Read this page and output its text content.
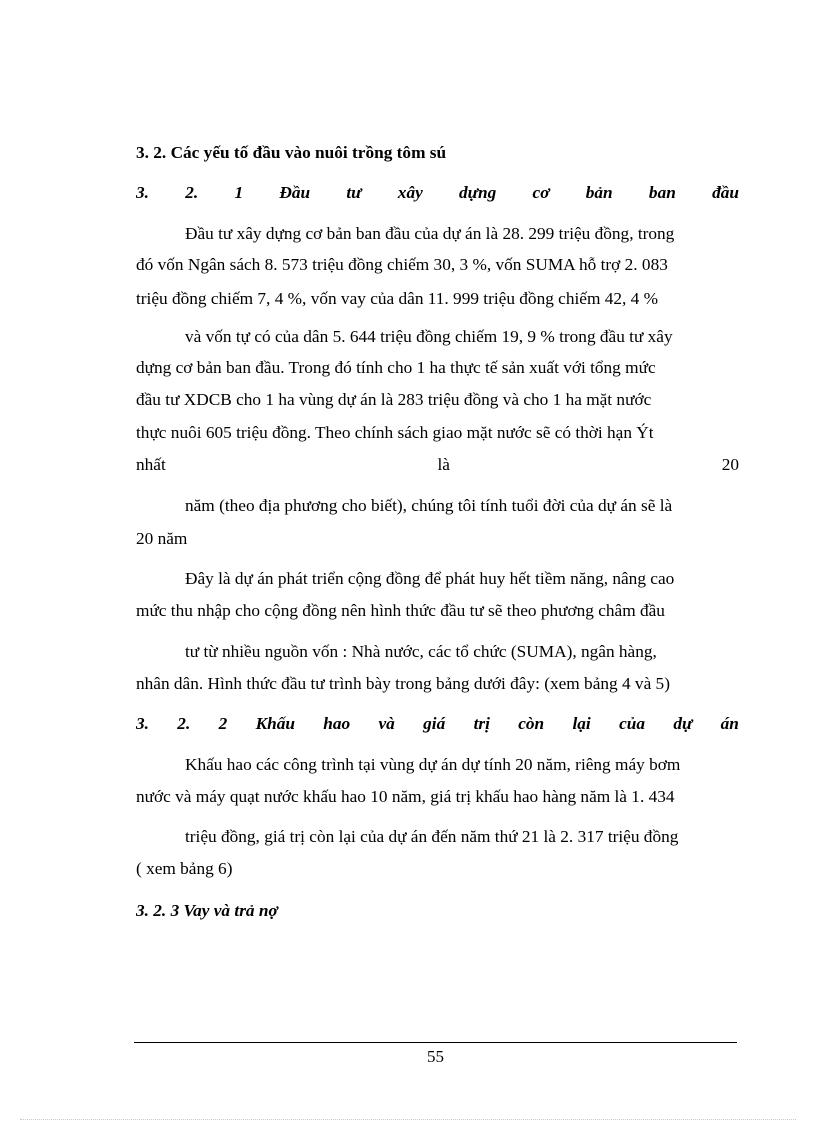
3. 2. Các yếu tố đầu vào nuôi trồng tôm sú
3. 2. 1 Đầu tư xây dựng cơ bản ban đầu
Đầu tư xây dựng cơ bản ban đầu của dự án là 28. 299 triệu đồng, trong
đó vốn Ngân sách 8. 573 triệu đồng chiếm 30, 3 %, vốn SUMA hỗ trợ 2. 083
triệu đồng chiếm 7, 4 %, vốn vay của dân 11. 999 triệu đồng chiếm 42, 4 %
và vốn tự có của dân 5. 644 triệu đồng chiếm 19, 9 % trong đầu tư xây
dựng cơ bản ban đầu. Trong đó tính cho 1 ha thực tế sản xuất với tổng mức
đầu tư XDCB cho 1 ha vùng dự án là 283 triệu đồng và cho 1 ha mặt nước
thực nuôi 605 triệu đồng. Theo chính sách giao mặt nước sẽ có thời hạn Ýt
nhất	là	20
năm (theo địa phương cho biết), chúng tôi tính tuổi đời của dự án sẽ là
20 năm
Đây là dự án phát triển cộng đồng để phát huy hết tiềm năng, nâng cao
mức thu nhập cho cộng đồng nên hình thức đầu tư sẽ theo phương châm đầu
tư từ nhiều nguồn vốn : Nhà nước, các tổ chức (SUMA), ngân hàng,
nhân dân. Hình thức đầu tư trình bày trong bảng dưới đây: (xem bảng 4 và 5)
3. 2. 2 Khấu hao và giá trị còn lại của dự án
Khấu hao các công trình tại vùng dự án dự tính 20 năm, riêng máy bơm
nước và máy quạt nước khấu hao 10 năm, giá trị khấu hao hàng năm là 1. 434
triệu đồng, giá trị còn lại của dự án đến năm thứ 21 là 2. 317 triệu đồng
( xem bảng 6)
3. 2. 3 Vay và trả nợ
55
